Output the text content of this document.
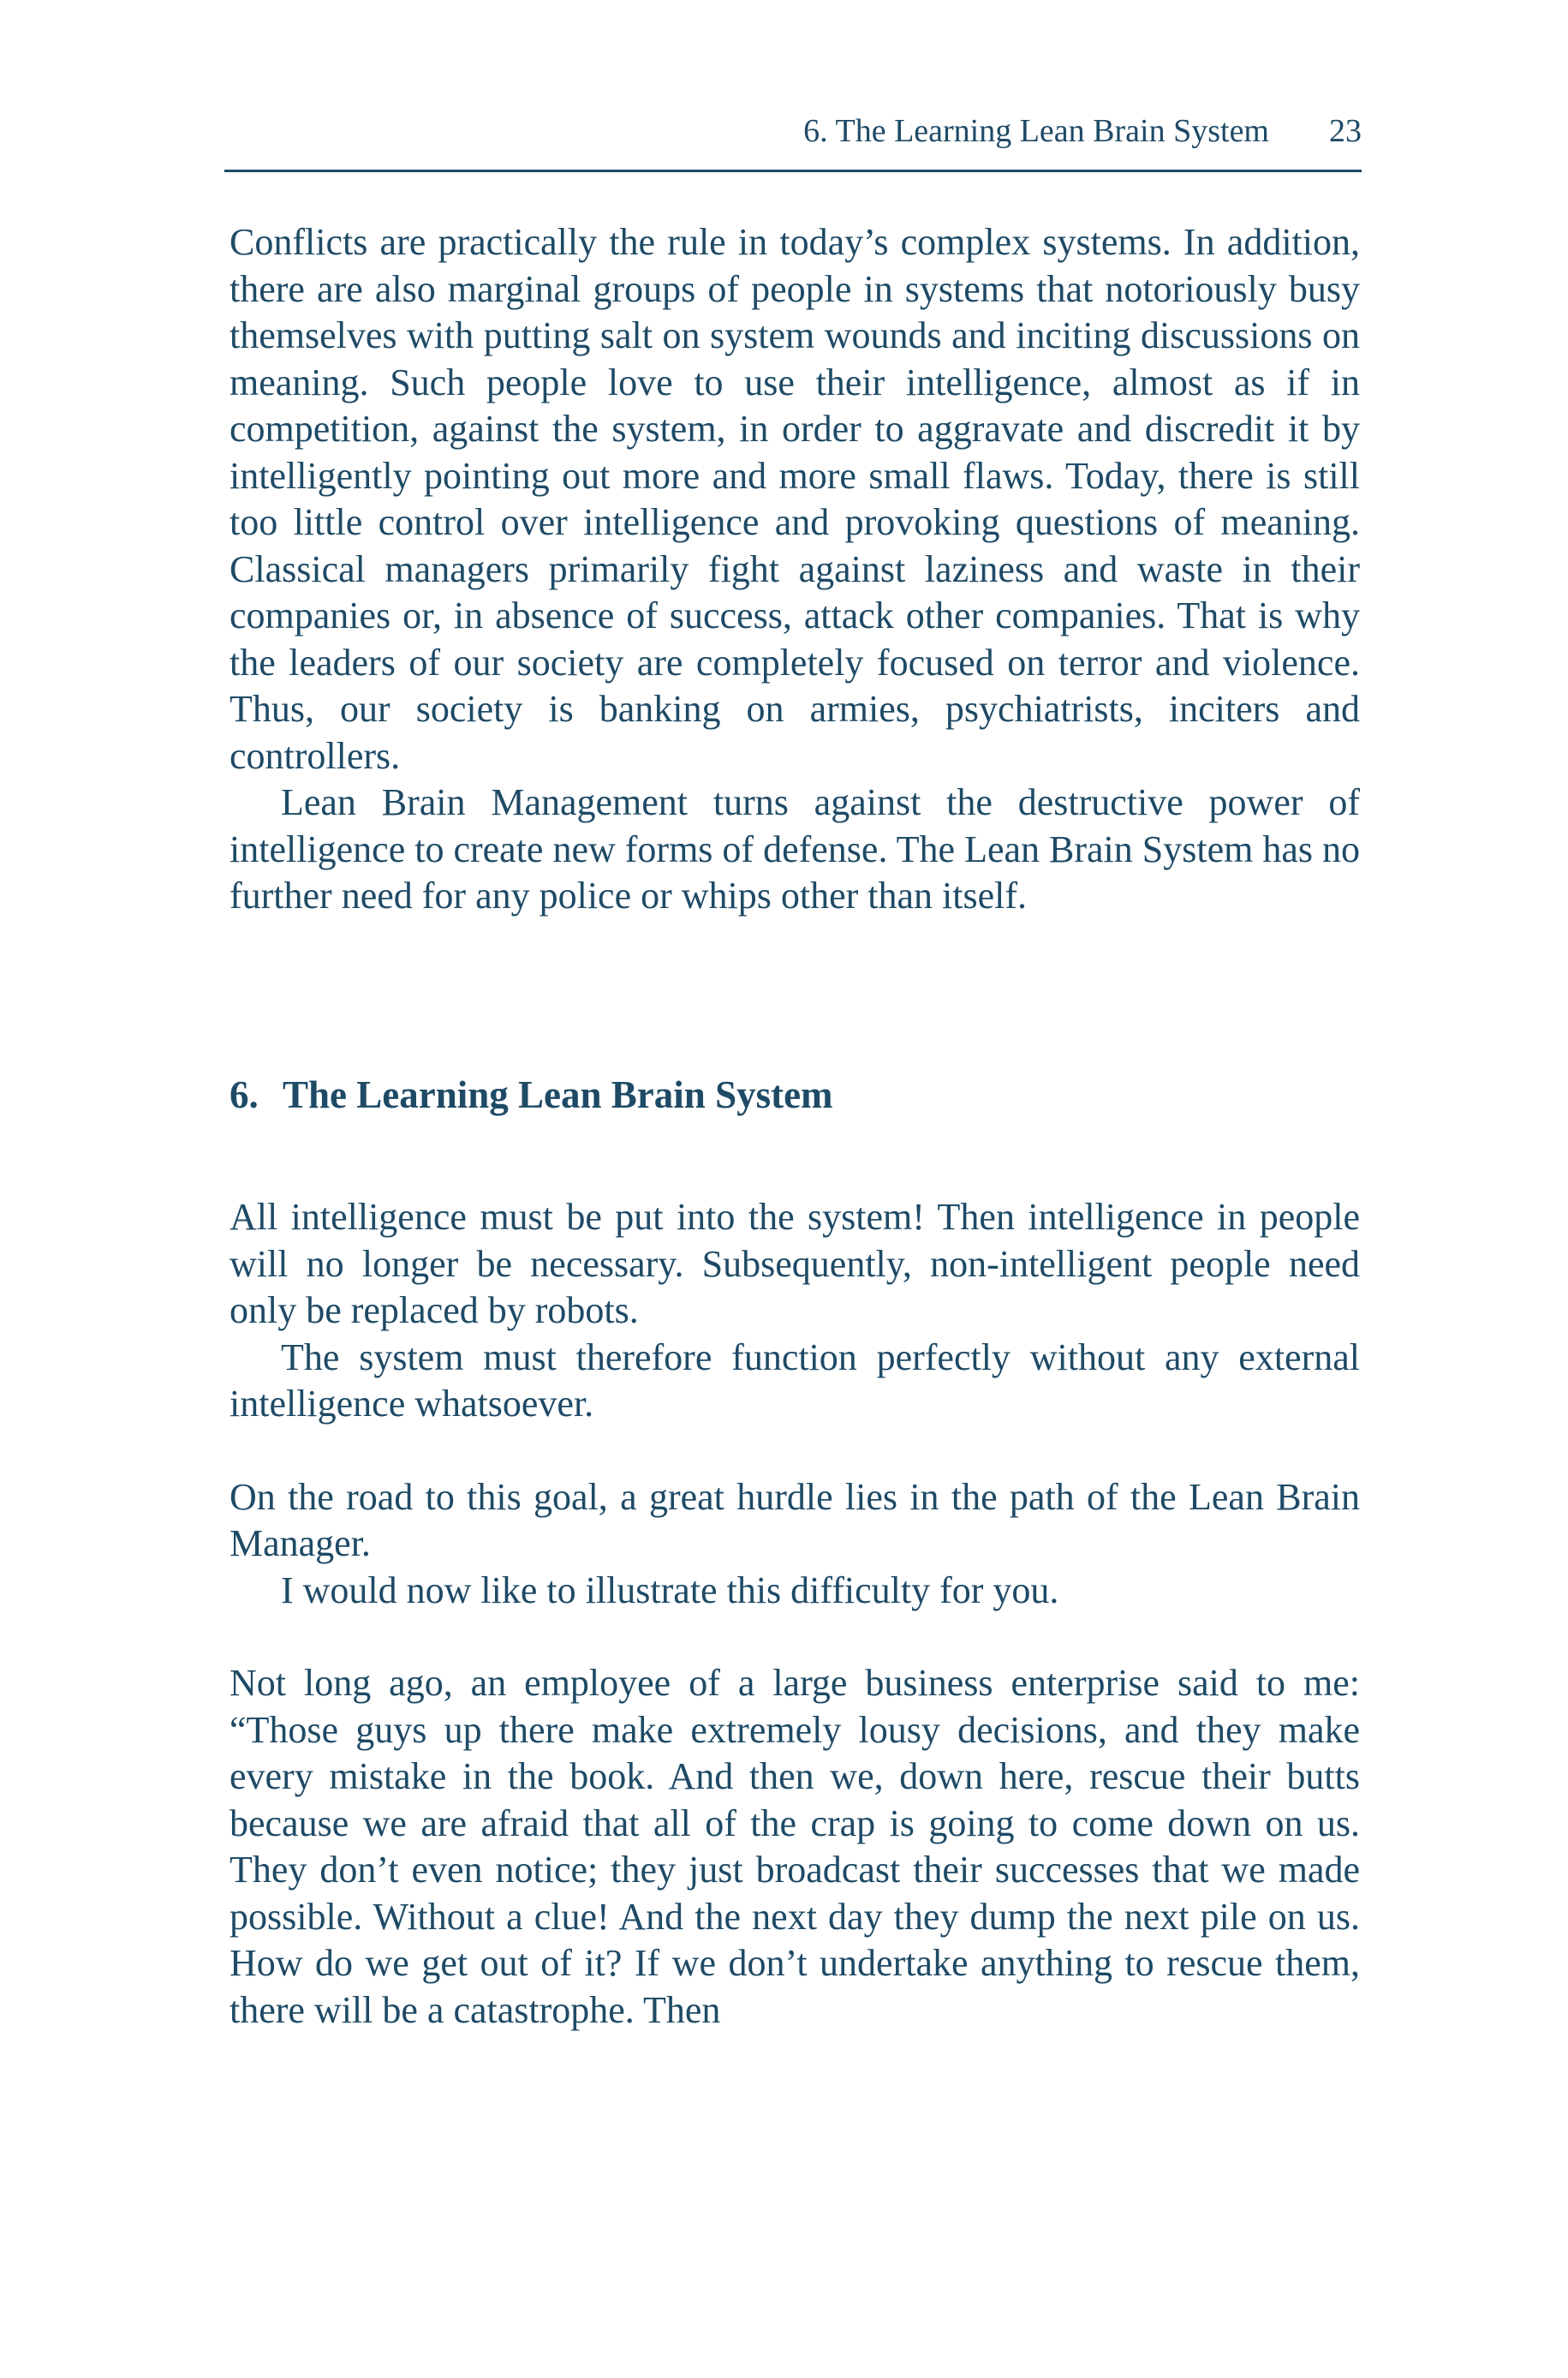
6. The Learning Lean Brain System 23

Conflicts are practically the rule in today’s complex systems. In addition, there are also marginal groups of people in systems that notoriously busy themselves with putting salt on system wounds and inciting discussions on meaning. Such people love to use their intelligence, almost as if in competition, against the system, in order to aggravate and discredit it by intelligently pointing out more and more small flaws. Today, there is still too little control over intelligence and provoking questions of meaning. Classical managers primarily fight against laziness and waste in their companies or, in absence of success, attack other companies. That is why the leaders of our society are completely focused on terror and violence. Thus, our society is banking on armies, psychiatrists, inciters and controllers.

Lean Brain Management turns against the destructive power of intelligence to create new forms of defense. The Lean Brain System has no further need for any police or whips other than itself.

6. The Learning Lean Brain System

All intelligence must be put into the system! Then intelligence in people will no longer be necessary. Subsequently, non-intelligent people need only be replaced by robots.

The system must therefore function perfectly without any external intelligence whatsoever.

On the road to this goal, a great hurdle lies in the path of the Lean Brain Manager.

I would now like to illustrate this difficulty for you.

Not long ago, an employee of a large business enterprise said to me: “Those guys up there make extremely lousy decisions, and they make every mistake in the book. And then we, down here, rescue their butts because we are afraid that all of the crap is going to come down on us. They don’t even notice; they just broadcast their successes that we made possible. Without a clue! And the next day they dump the next pile on us. How do we get out of it? If we don’t undertake anything to rescue them, there will be a catastrophe. Then
